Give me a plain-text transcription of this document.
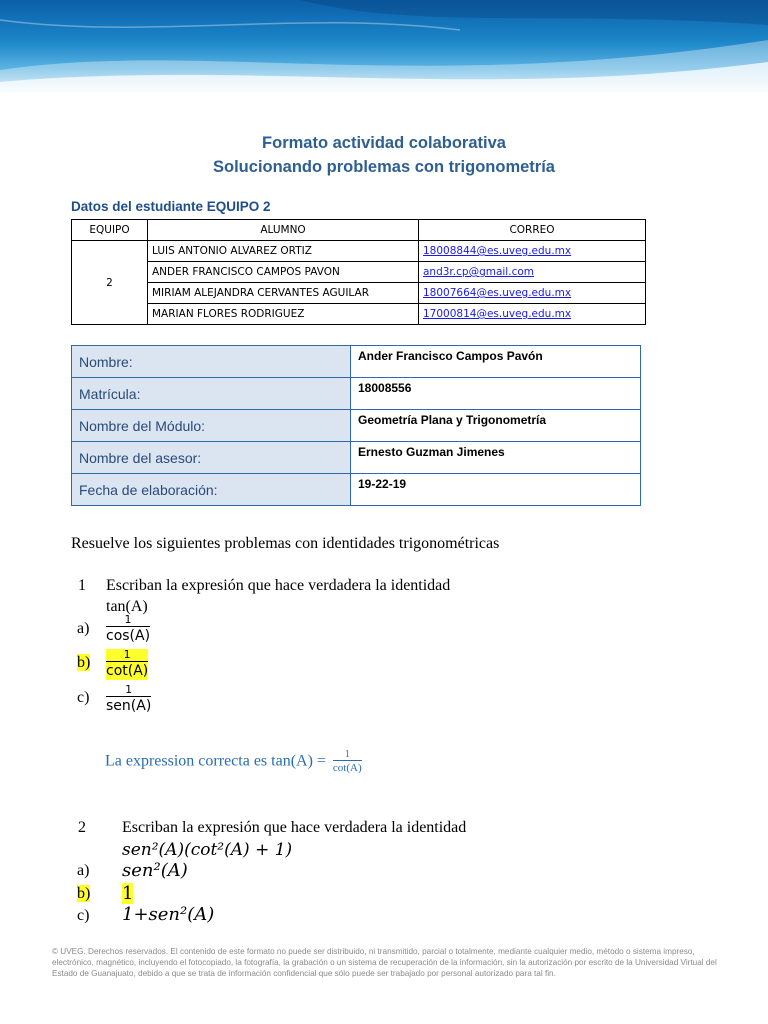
Formato actividad colaborativa
Solucionando problemas con trigonometría
Datos del estudiante EQUIPO 2
EQUIPO	ALUMNO	CORREO
2	LUIS ANTONIO ALVAREZ ORTIZ	18008844@es.uveg.edu.mx
	ANDER FRANCISCO CAMPOS PAVON	and3r.cp@gmail.com
	MIRIAM ALEJANDRA CERVANTES AGUILAR	18007664@es.uveg.edu.mx
	MARIAN FLORES RODRIGUEZ	17000814@es.uveg.edu.mx
Nombre:	Ander Francisco Campos Pavón
Matrícula:	18008556
Nombre del Módulo:	Geometría Plana y Trigonometría
Nombre del asesor:	Ernesto Guzman Jimenes
Fecha de elaboración:	19-22-19
Resuelve los siguientes problemas con identidades trigonométricas
1 Escriban la expresión que hace verdadera la identidad
tan(A)
a)
1
cos(A)
b)	1
cot(A)
c)	1
sen(A)
La expression correcta es $\tan(A) = \frac{1}{\cot(A)}$
2 Escriban la expresión que hace verdadera la identidad
sen²(A)(cot²(A) + 1)
a) sen²(A)
b) 1
c) 1+sen²(A)
© UVEG. Derechos reservados. El contenido de este formato no puede ser distribuido, ni transmitido, parcial o totalmente, mediante cualquier medio, método o sistema impreso, electrónico, magnético, incluyendo el fotocopiado, la fotografía, la grabación o un sistema de recuperación de la información, sin la autorización por escrito de la Universidad Virtual del Estado de Guanajuato, debido a que se trata de información confidencial que sólo puede ser trabajado por personal autorizado para tal fin.
